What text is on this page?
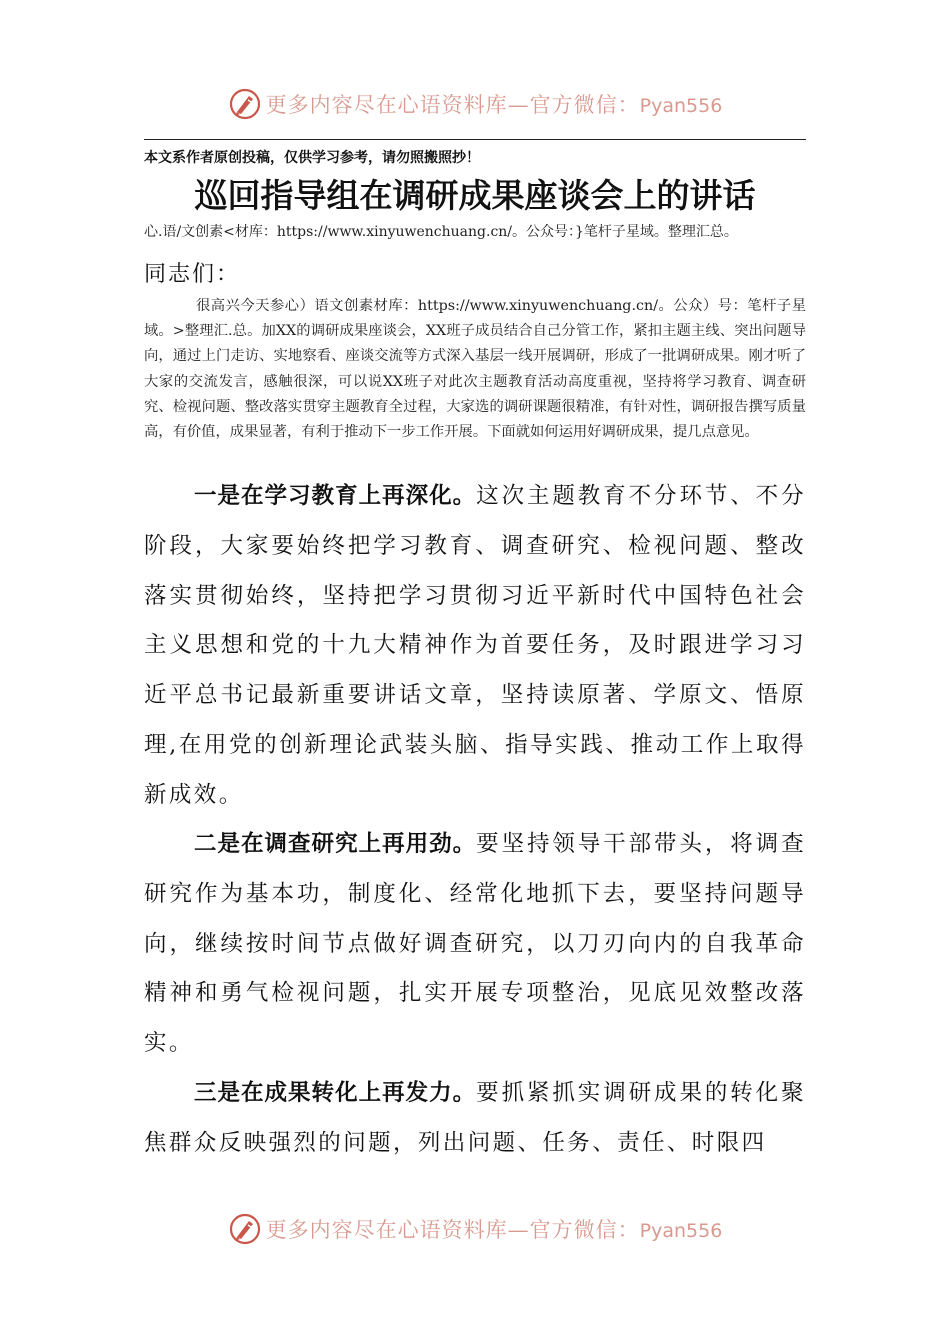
更多内容尽在心语资料库—官方微信：Pyan556
本文系作者原创投稿，仅供学习参考，请勿照搬照抄！
巡回指导组在调研成果座谈会上的讲话
心.语/文创素<材库：https://www.xinyuwenchuang.cn/。公众号：}笔杆子星域。整理汇总。
同志们：

很高兴今天参心）语文创素材库：https://www.xinyuwenchuang.cn/。公众）号：笔杆子星域。>整理汇.总。加XX的调研成果座谈会，XX班子成员结合自己分管工作，紧扣主题主线、突出问题导向，通过上门走访、实地察看、座谈交流等方式深入基层一线开展调研，形成了一批调研成果。刚才听了大家的交流发言，感触很深，可以说XX班子对此次主题教育活动高度重视，坚持将学习教育、调查研究、检视问题、整改落实贯穿主题教育全过程，大家选的调研课题很精准，有针对性，调研报告撰写质量高，有价值，成果显著，有利于推动下一步工作开展。下面就如何运用好调研成果，提几点意见。

一是在学习教育上再深化。这次主题教育不分环节、不分阶段，大家要始终把学习教育、调查研究、检视问题、整改落实贯彻始终，坚持把学习贯彻习近平新时代中国特色社会主义思想和党的十九大精神作为首要任务，及时跟进学习习近平总书记最新重要讲话文章，坚持读原著、学原文、悟原理,在用党的创新理论武装头脑、指导实践、推动工作上取得新成效。

二是在调查研究上再用劲。要坚持领导干部带头，将调查研究作为基本功，制度化、经常化地抓下去，要坚持问题导向，继续按时间节点做好调查研究，以刀刃向内的自我革命精神和勇气检视问题，扎实开展专项整治，见底见效整改落实。

三是在成果转化上再发力。要抓紧抓实调研成果的转化聚焦群众反映强烈的问题，列出问题、任务、责任、时限四

更多内容尽在心语资料库—官方微信：Pyan556
